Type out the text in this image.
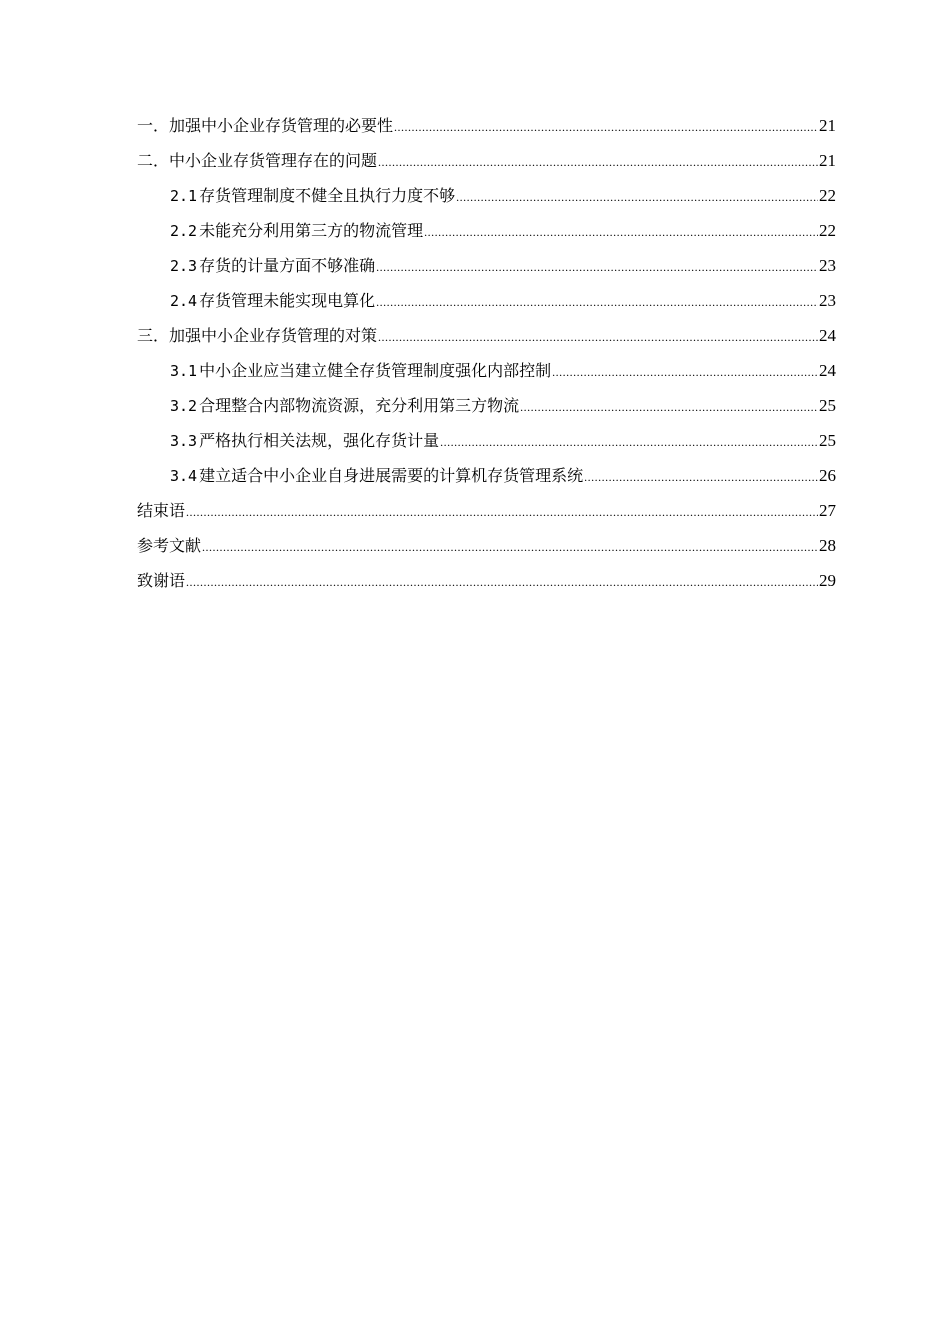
一．加强中小企业存货管理的必要性 .....	21
二．中小企业存货管理存在的问题 .....	21
2.1 存货管理制度不健全且执行力度不够 .....	22
2.2 未能充分利用第三方的物流管理 .....	22
2.3 存货的计量方面不够准确 .....	23
2.4 存货管理未能实现电算化 .....	23
三．加强中小企业存货管理的对策 .....	24
3.1 中小企业应当建立健全存货管理制度强化内部控制 .....	24
3.2 合理整合内部物流资源，充分利用第三方物流 .....	25
3.3 严格执行相关法规，强化存货计量 .....	25
3.4 建立适合中小企业自身进展需要的计算机存货管理系统 .....	26
结束语 .....	27
参考文献 .....	28
致谢语 .....	29
